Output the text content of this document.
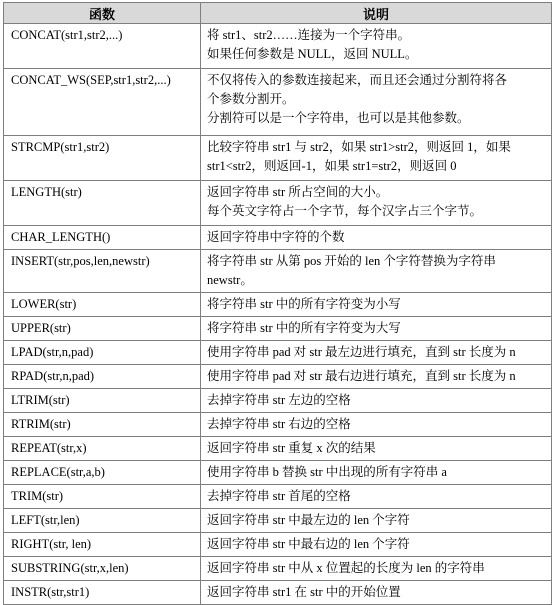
函数	说明

CONCAT(str1,str2,...)	将 str1、str2……连接为一个字符串。
如果任何参数是 NULL，返回 NULL。

CONCAT_WS(SEP,str1,str2,...)	不仅将传入的参数连接起来，而且还会通过分割符将各
个参数分割开。
分割符可以是一个字符串，也可以是其他参数。

STRCMP(str1,str2)	比较字符串 str1 与 str2，如果 str1>str2，则返回 1，如果
str1<str2，则返回-1，如果 str1=str2，则返回 0

LENGTH(str)	返回字符串 str 所占空间的大小。
每个英文字符占一个字节，每个汉字占三个字节。

CHAR_LENGTH()	返回字符串中字符的个数

INSERT(str,pos,len,newstr)	将字符串 str 从第 pos 开始的 len 个字符替换为字符串
newstr。

LOWER(str)	将字符串 str 中的所有字符变为小写

UPPER(str)	将字符串 str 中的所有字符变为大写

LPAD(str,n,pad)	使用字符串 pad 对 str 最左边进行填充，直到 str 长度为 n

RPAD(str,n,pad)	使用字符串 pad 对 str 最右边进行填充，直到 str 长度为 n

LTRIM(str)	去掉字符串 str 左边的空格

RTRIM(str)	去掉字符串 str 右边的空格

REPEAT(str,x)	返回字符串 str 重复 x 次的结果

REPLACE(str,a,b)	使用字符串 b 替换 str 中出现的所有字符串 a

TRIM(str)	去掉字符串 str 首尾的空格

LEFT(str,len)	返回字符串 str 中最左边的 len 个字符

RIGHT(str, len)	返回字符串 str 中最右边的 len 个字符

SUBSTRING(str,x,len)	返回字符串 str 中从 x 位置起的长度为 len 的字符串

INSTR(str,str1)	返回字符串 str1 在 str 中的开始位置
